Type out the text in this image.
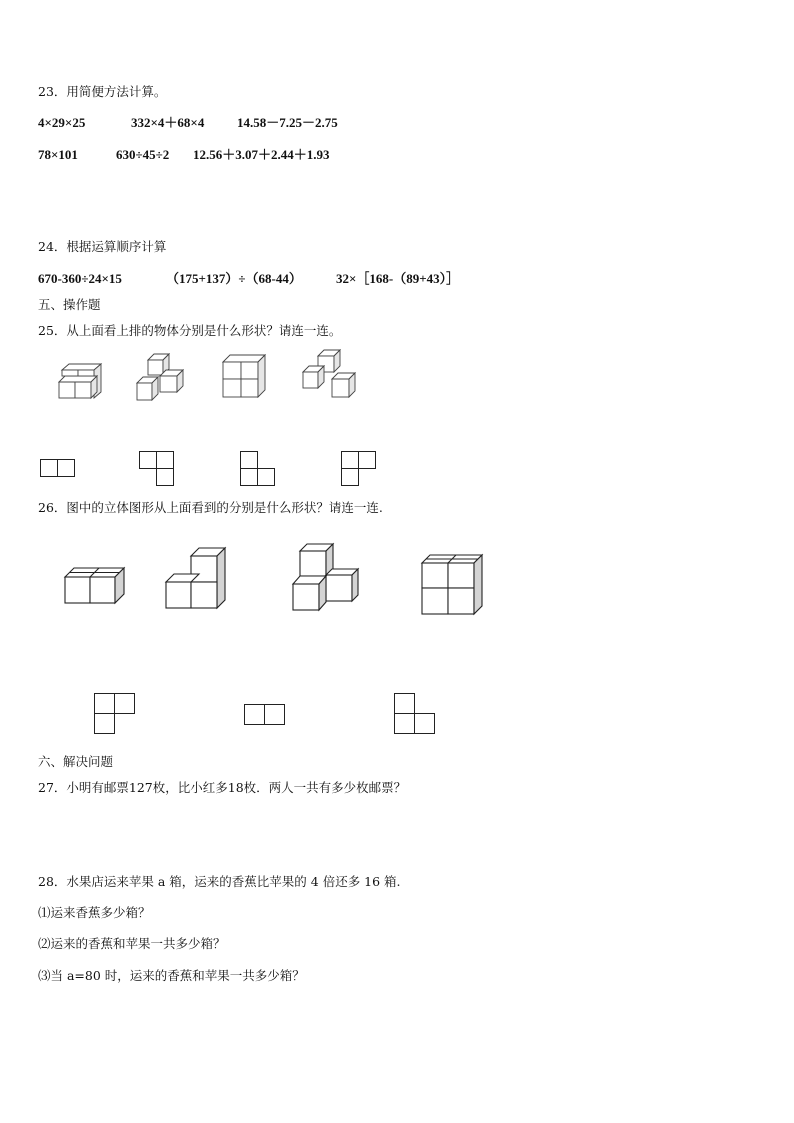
23．用简便方法计算。
4×29×25	332×4＋68×4	14.58－7.25－2.75
78×101	630÷45÷2 12.56＋3.07＋2.44＋1.93
24．根据运算顺序计算
670-360÷24×15	（175+137）÷（68-44）	32×［168-（89+43）］
五、操作题
25．从上面看上排的物体分别是什么形状？请连一连。
26．图中的立体图形从上面看到的分别是什么形状？请连一连.
六、解决问题
27．小明有邮票127枚，比小红多18枚．两人一共有多少枚邮票？
28．水果店运来苹果 a 箱，运来的香蕉比苹果的 4 倍还多 16 箱.
⑴运来香蕉多少箱？
⑵运来的香蕉和苹果一共多少箱？
⑶当 a=80 时，运来的香蕉和苹果一共多少箱？
